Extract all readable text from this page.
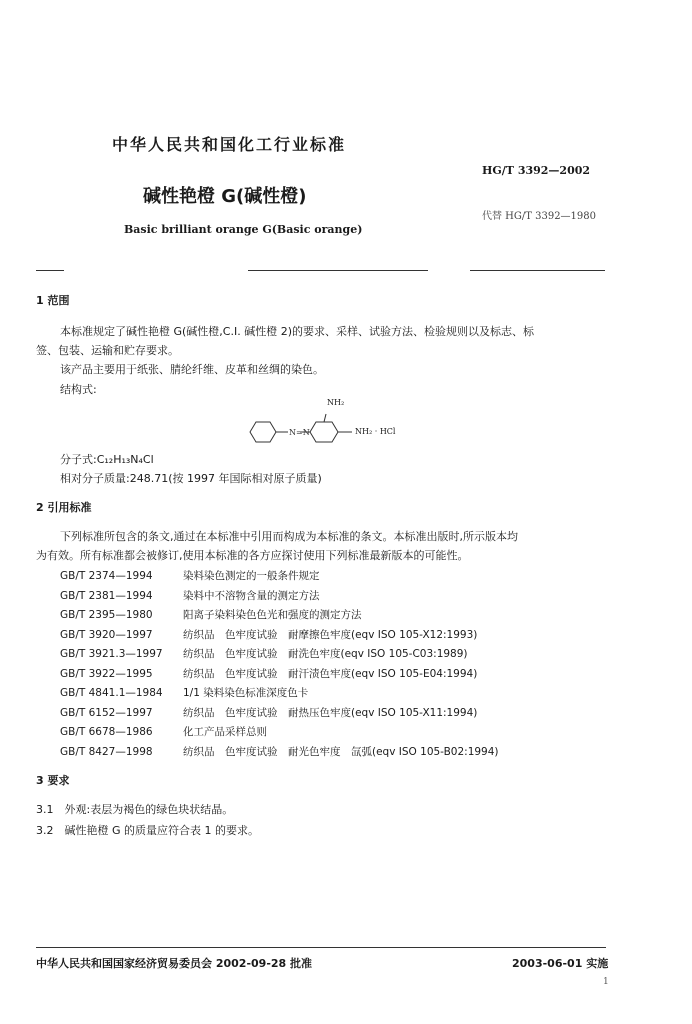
中华人民共和国化工行业标准
HG/T 3392—2002
碱性艳橙 G(碱性橙)
代替 HG/T 3392—1980
Basic brilliant orange G(Basic orange)
1 范围
本标准规定了碱性艳橙 G(碱性橙,C.I. 碱性橙 2)的要求、采样、试验方法、检验规则以及标志、标
签、包装、运输和贮存要求。
该产品主要用于纸张、腈纶纤维、皮革和丝绸的染色。
结构式:
NH₂
N=N	NH₂ · HCl
分子式:C₁₂H₁₃N₄Cl
相对分子质量:248.71(按 1997 年国际相对原子质量)
2 引用标准
下列标准所包含的条文,通过在本标准中引用而构成为本标准的条文。本标准出版时,所示版本均
为有效。所有标准都会被修订,使用本标准的各方应探讨使用下列标准最新版本的可能性。
GB/T 2374—1994	染料染色测定的一般条件规定
GB/T 2381—1994	染料中不溶物含量的测定方法
GB/T 2395—1980	阳离子染料染色色光和强度的测定方法
GB/T 3920—1997	纺织品　色牢度试验　耐摩擦色牢度(eqv ISO 105-X12:1993)
GB/T 3921.3—1997 纺织品　色牢度试验　耐洗色牢度(eqv ISO 105-C03:1989)
GB/T 3922—1995	纺织品　色牢度试验　耐汗渍色牢度(eqv ISO 105-E04:1994)
GB/T 4841.1—1984 1/1 染料染色标准深度色卡
GB/T 6152—1997	纺织品　色牢度试验　耐热压色牢度(eqv ISO 105-X11:1994)
GB/T 6678—1986	化工产品采样总则
GB/T 8427—1998	纺织品　色牢度试验　耐光色牢度　氙弧(eqv ISO 105-B02:1994)
3 要求
3.1　外观:表层为褐色的绿色块状结晶。
3.2　碱性艳橙 G 的质量应符合表 1 的要求。
中华人民共和国国家经济贸易委员会 2002-09-28 批准	2003-06-01 实施
1
